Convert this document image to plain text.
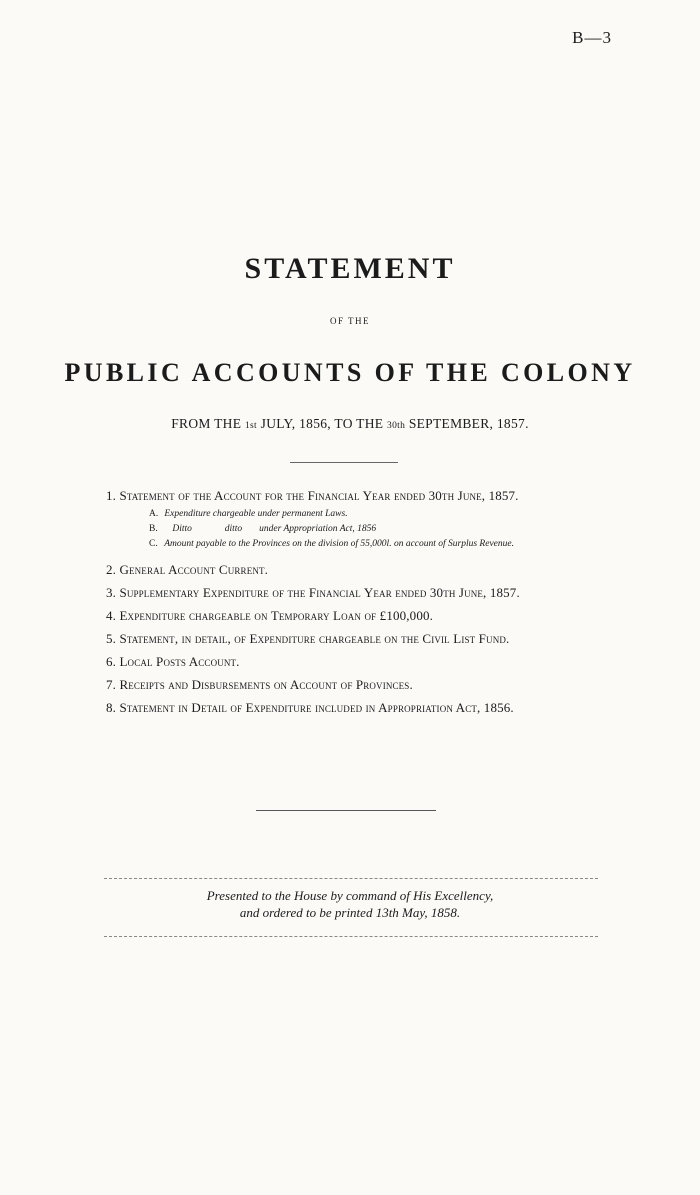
B—3
STATEMENT
OF THE
PUBLIC ACCOUNTS OF THE COLONY
FROM THE 1st JULY, 1856, TO THE 30th SEPTEMBER, 1857.
1. Statement of the Account for the Financial Year ended 30th June, 1857.
A. Expenditure chargeable under permanent Laws.
B. Ditto	ditto under Appropriation Act, 1856
C. Amount payable to the Provinces on the division of 55,000l. on account of Surplus Revenue.
2. General Account Current.
3. Supplementary Expenditure of the Financial Year ended 30th June, 1857.
4. Expenditure chargeable on Temporary Loan of £100,000.
5. Statement, in detail, of Expenditure chargeable on the Civil List Fund.
6. Local Posts Account.
7. Receipts and Disbursements on Account of Provinces.
8. Statement in Detail of Expenditure included in Appropriation Act, 1856.
Presented to the House by command of His Excellency,
and ordered to be printed 13th May, 1858.
